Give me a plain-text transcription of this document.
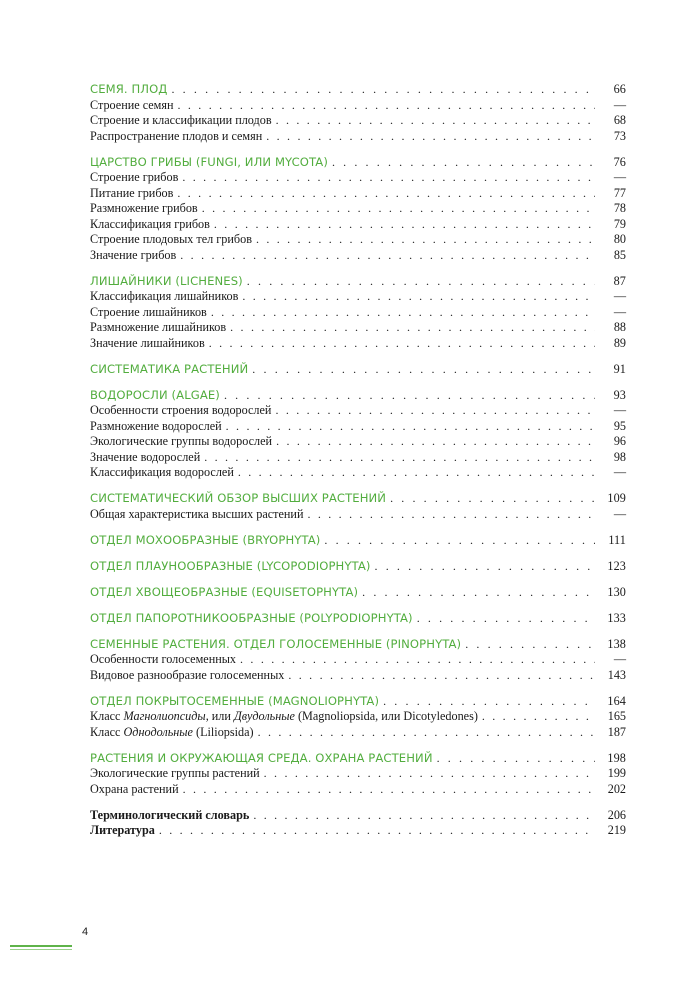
СЕМЯ. ПЛОД . . .	66
Строение семян . . .	—
Строение и классификации плодов . . .	68
Распространение плодов и семян . . .	73
ЦАРСТВО ГРИБЫ (FUNGI, ИЛИ MYCOTA) . . .	76
Строение грибов . . .	—
Питание грибов . . .	77
Размножение грибов . . .	78
Классификация грибов . . .	79
Строение плодовых тел грибов . . .	80
Значение грибов . . .	85
ЛИШАЙНИКИ (LICHENES) . . .	87
Классификация лишайников . . .	—
Строение лишайников . . .	—
Размножение лишайников . . .	88
Значение лишайников . . .	89
СИСТЕМАТИКА РАСТЕНИЙ . . .	91
ВОДОРОСЛИ (ALGAE) . . .	93
Особенности строения водорослей . . .	—
Размножение водорослей . . .	95
Экологические группы водорослей . . .	96
Значение водорослей . . .	98
Классификация водорослей . . .	—
СИСТЕМАТИЧЕСКИЙ ОБЗОР ВЫСШИХ РАСТЕНИЙ . . .	109
Общая характеристика высших растений . . .	—
ОТДЕЛ МОХООБРАЗНЫЕ (BRYOPHYTA) . . .	111
ОТДЕЛ ПЛАУНООБРАЗНЫЕ (LYCOPODIOPHYTA) . . .	123
ОТДЕЛ ХВОЩЕОБРАЗНЫЕ (EQUISETOPHYTA) . . .	130
ОТДЕЛ ПАПОРОТНИКООБРАЗНЫЕ (POLYPODIOPHYTA) . . .	133
СЕМЕННЫЕ РАСТЕНИЯ. ОТДЕЛ ГОЛОСЕМЕННЫЕ (PINOPHYTA) . . .	138
Особенности голосеменных . . .	—
Видовое разнообразие голосеменных . . .	143
ОТДЕЛ ПОКРЫТОСЕМЕННЫЕ (MAGNOLIOPHYTA) . . .	164
Класс Магнолиопсиды, или Двудольные (Magnoliopsida, или Dicotyledones) . . .	165
Класс Однодольные (Liliopsida) . . .	187
РАСТЕНИЯ И ОКРУЖАЮЩАЯ СРЕДА. ОХРАНА РАСТЕНИЙ . . .	198
Экологические группы растений . . .	199
Охрана растений . . .	202
Терминологический словарь . . .	206
Литература . . .	219
4
